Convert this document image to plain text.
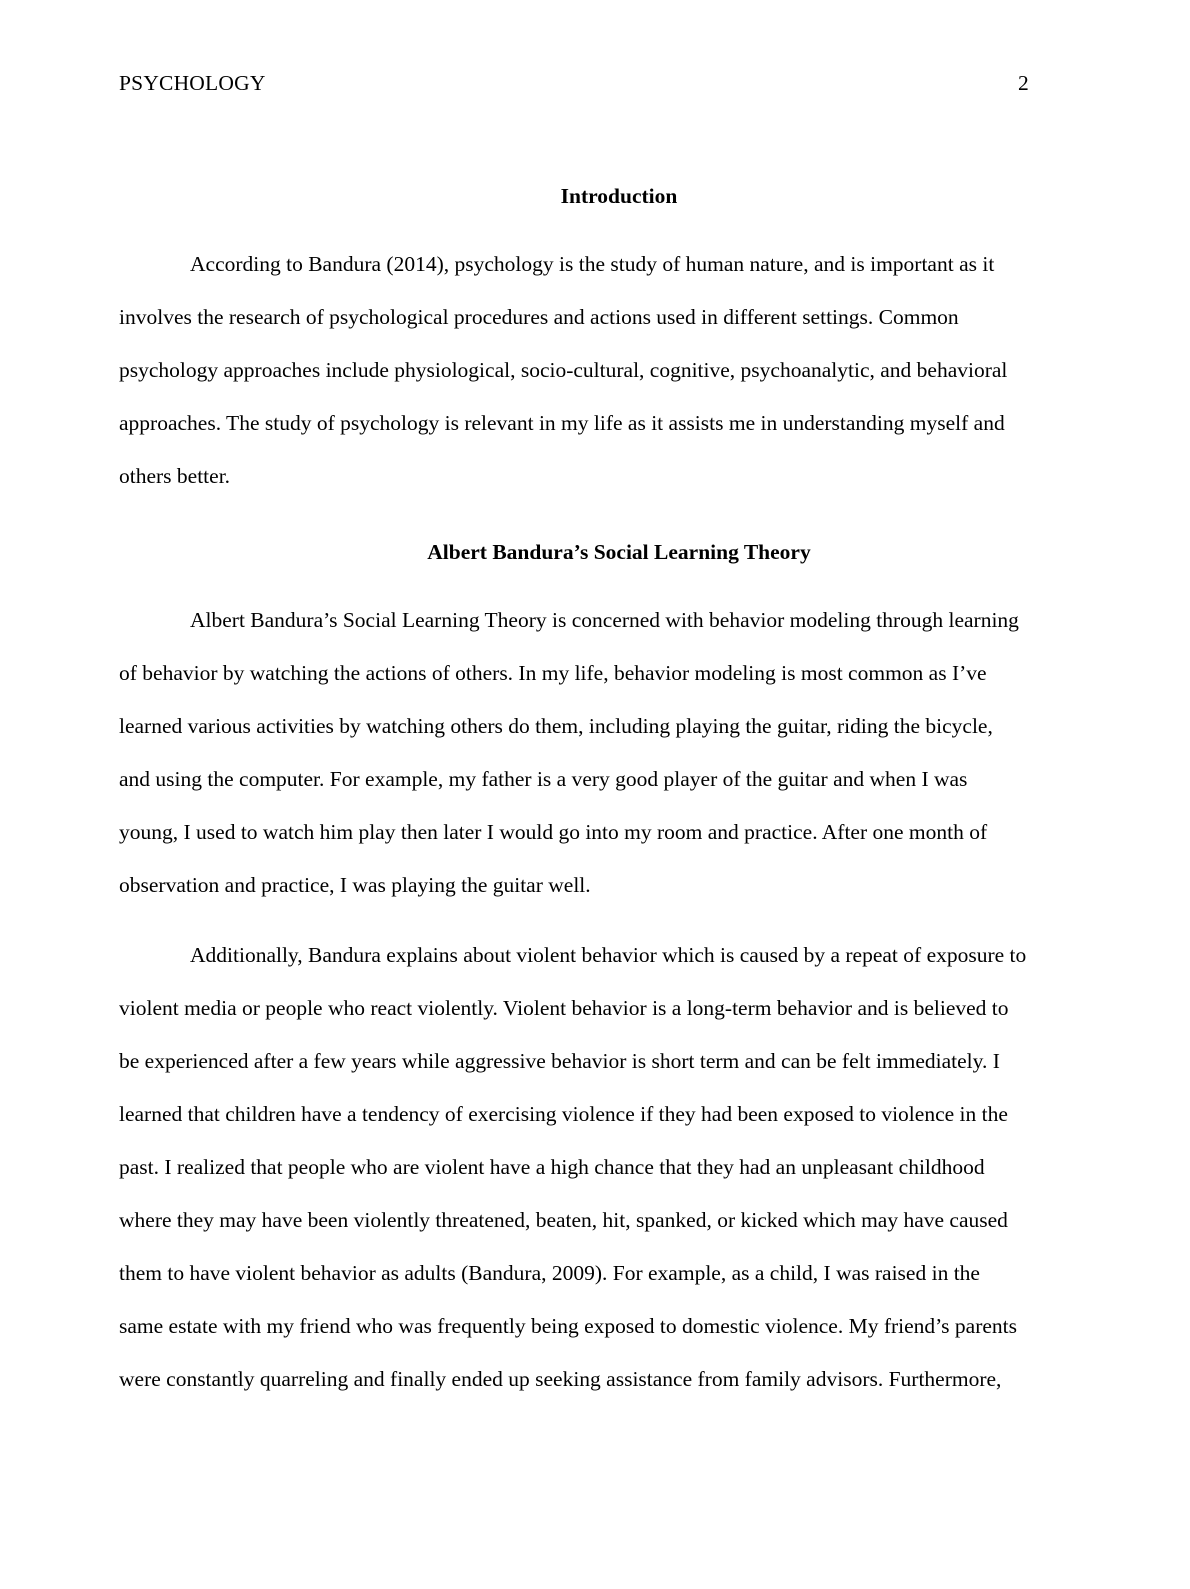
PSYCHOLOGY	2
Introduction
According to Bandura (2014), psychology is the study of human nature, and is important as it
involves the research of psychological procedures and actions used in different settings. Common
psychology approaches include physiological, socio-cultural, cognitive, psychoanalytic, and behavioral
approaches. The study of psychology is relevant in my life as it assists me in understanding myself and
others better.
Albert Bandura’s Social Learning Theory
Albert Bandura’s Social Learning Theory is concerned with behavior modeling through learning
of behavior by watching the actions of others. In my life, behavior modeling is most common as I’ve
learned various activities by watching others do them, including playing the guitar, riding the bicycle,
and using the computer. For example, my father is a very good player of the guitar and when I was
young, I used to watch him play then later I would go into my room and practice. After one month of
observation and practice, I was playing the guitar well.
Additionally, Bandura explains about violent behavior which is caused by a repeat of exposure to
violent media or people who react violently. Violent behavior is a long-term behavior and is believed to
be experienced after a few years while aggressive behavior is short term and can be felt immediately. I
learned that children have a tendency of exercising violence if they had been exposed to violence in the
past. I realized that people who are violent have a high chance that they had an unpleasant childhood
where they may have been violently threatened, beaten, hit, spanked, or kicked which may have caused
them to have violent behavior as adults (Bandura, 2009). For example, as a child, I was raised in the
same estate with my friend who was frequently being exposed to domestic violence. My friend’s parents
were constantly quarreling and finally ended up seeking assistance from family advisors. Furthermore,
